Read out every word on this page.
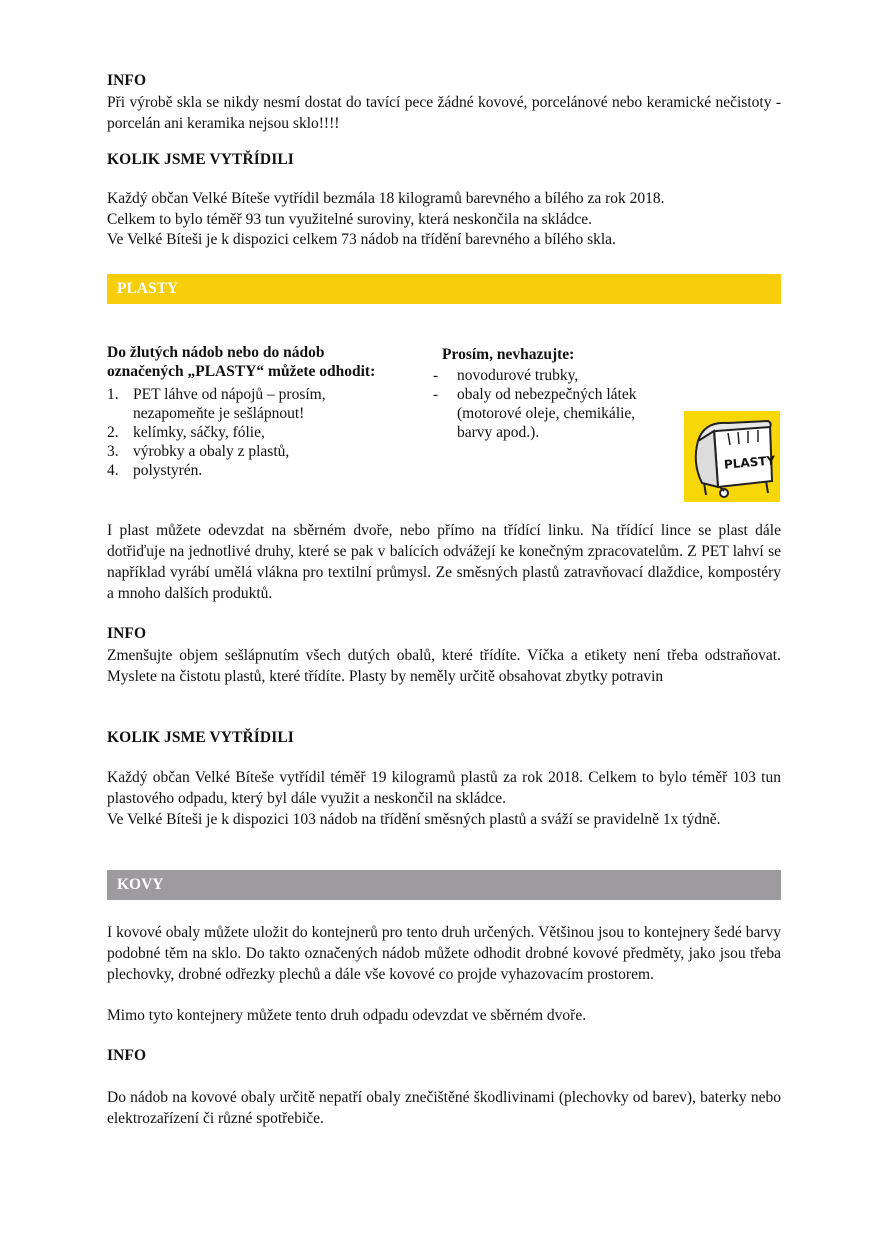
INFO

Při výrobě skla se nikdy nesmí dostat do tavící pece žádné kovové, porcelánové nebo keramické nečistoty - porcelán ani keramika nejsou sklo!!!!

KOLIK JSME VYTŘÍDILI

Každý občan Velké Bíteše vytřídil bezmála 18 kilogramů barevného a bílého za rok 2018.

Celkem to bylo téměř 93 tun využitelné suroviny, která neskončila na skládce.

Ve Velké Bíteši je k dispozici celkem 73 nádob na třídění barevného a bílého skla.

PLASTY
Do žlutých nádob nebo do nádob
označených „PLASTY“ můžete odhodit:
1. PET láhve od nápojů – prosím,
nezapomeňte je sešlápnout!
2. kelímky, sáčky, fólie,
3. výrobky a obaly z plastů,
4. polystyrén.
Prosím, nevhazujte:
- novodurové trubky,
- obaly od nebezpečných látek
(motorové oleje, chemikálie,
barvy apod.).
PLASTY

I plast můžete odevzdat na sběrném dvoře, nebo přímo na třídící linku. Na třídící lince se plast dále dotřiďuje na jednotlivé druhy, které se pak v balících odvážejí ke konečným zpracovatelům. Z PET lahví se například vyrábí umělá vlákna pro textilní průmysl. Ze směsných plastů zatravňovací dlaždice, kompostéry a mnoho dalších produktů.

INFO

Zmenšujte objem sešlápnutím všech dutých obalů, které třídíte. Víčka a etikety není třeba odstraňovat. Myslete na čistotu plastů, které třídíte. Plasty by neměly určitě obsahovat zbytky potravin

KOLIK JSME VYTŘÍDILI

Každý občan Velké Bíteše vytřídil téměř 19 kilogramů plastů za rok 2018. Celkem to bylo téměř 103 tun plastového odpadu, který byl dále využit a neskončil na skládce.

Ve Velké Bíteši je k dispozici 103 nádob na třídění směsných plastů a sváží se pravidelně 1x týdně.

KOVY

I kovové obaly můžete uložit do kontejnerů pro tento druh určených. Většinou jsou to kontejnery šedé barvy podobné těm na sklo. Do takto označených nádob můžete odhodit drobné kovové předměty, jako jsou třeba plechovky, drobné odřezky plechů a dále vše kovové co projde vyhazovacím prostorem.

Mimo tyto kontejnery můžete tento druh odpadu odevzdat ve sběrném dvoře.

INFO

Do nádob na kovové obaly určitě nepatří obaly znečištěné škodlivinami (plechovky od barev), baterky nebo elektrozařízení či různé spotřebiče.
